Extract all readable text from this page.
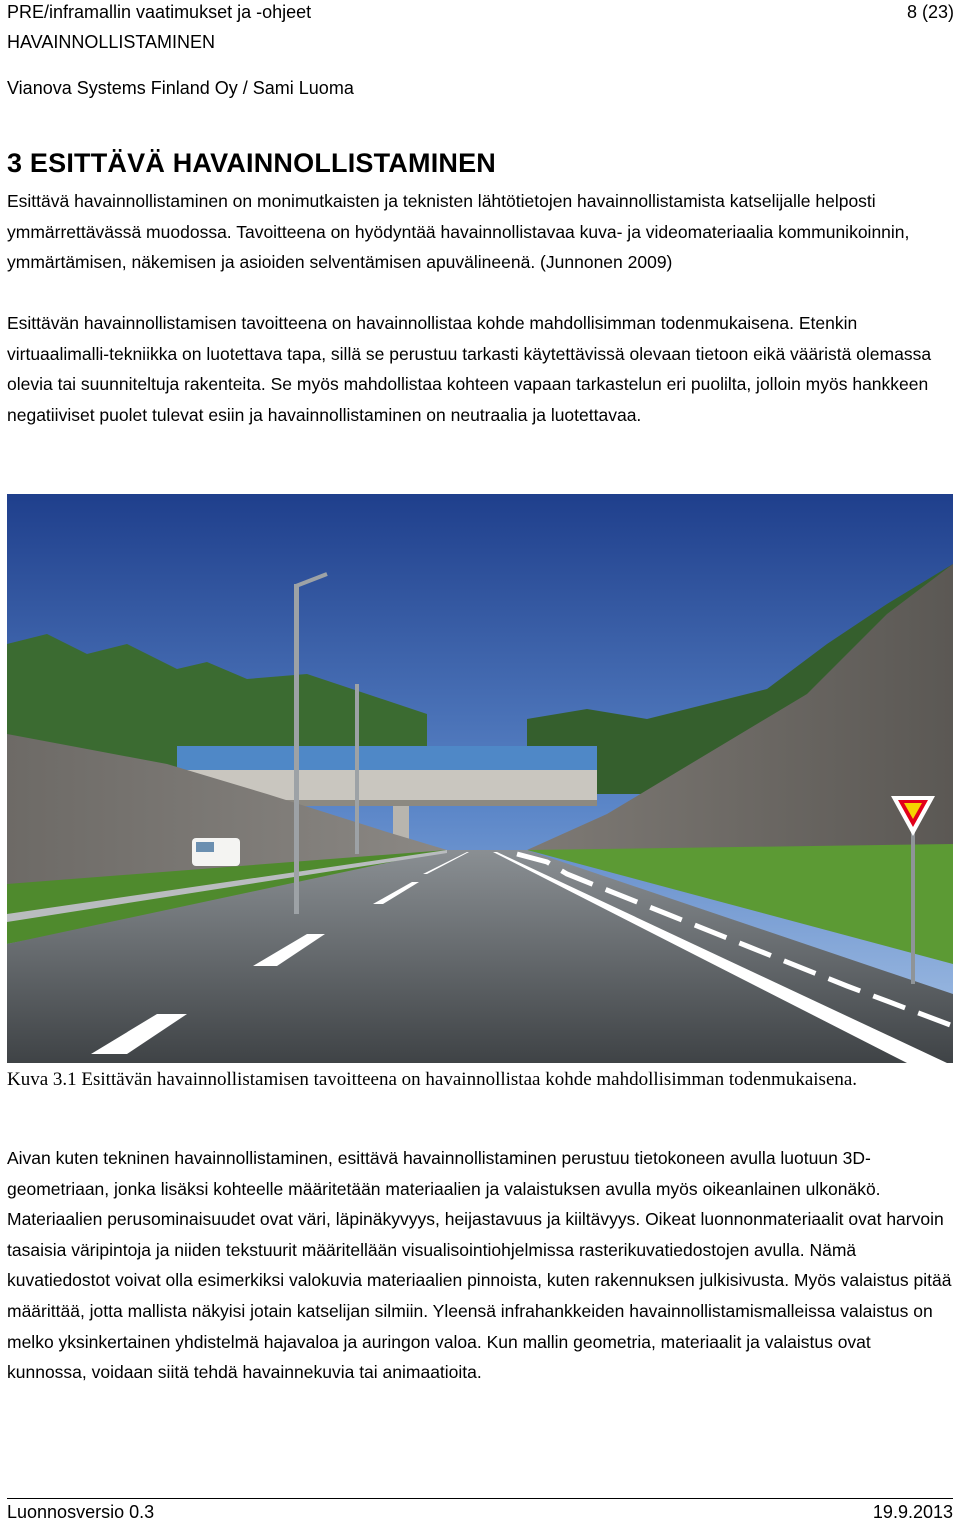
PRE/inframallin vaatimukset ja -ohjeet	8 (23)
HAVAINNOLLISTAMINEN
Vianova Systems Finland Oy / Sami Luoma
3 ESITTÄVÄ HAVAINNOLLISTAMINEN
Esittävä havainnollistaminen on monimutkaisten ja teknisten lähtötietojen havainnollistamista katselijalle helposti ymmärrettävässä muodossa. Tavoitteena on hyödyntää havainnollistavaa kuva- ja videomateriaalia kommunikoinnin, ymmärtämisen, näkemisen ja asioiden selventämisen apuvälineenä. (Junnonen 2009)
Esittävän havainnollistamisen tavoitteena on havainnollistaa kohde mahdollisimman todenmukaisena. Etenkin virtuaalimalli-tekniikka on luotettava tapa, sillä se perustuu tarkasti käytettävissä olevaan tietoon eikä vääristä olemassa olevia tai suunniteltuja rakenteita. Se myös mahdollistaa kohteen vapaan tarkastelun eri puolilta, jolloin myös hankkeen negatiiviset puolet tulevat esiin ja havainnollistaminen on neutraalia ja luotettavaa.
Kuva 3.1 Esittävän havainnollistamisen tavoitteena on havainnollistaa kohde mahdollisimman todenmukaisena.
Aivan kuten tekninen havainnollistaminen, esittävä havainnollistaminen perustuu tietokoneen avulla luotuun 3D-geometriaan, jonka lisäksi kohteelle määritetään materiaalien ja valaistuksen avulla myös oikeanlainen ulkonäkö. Materiaalien perusominaisuudet ovat väri, läpinäkyvyys, heijastavuus ja kiiltävyys. Oikeat luonnonmateriaalit ovat harvoin tasaisia väripintoja ja niiden tekstuurit määritellään visualisointiohjelmissa rasterikuvatiedostojen avulla. Nämä kuvatiedostot voivat olla esimerkiksi valokuvia materiaalien pinnoista, kuten rakennuksen julkisivusta. Myös valaistus pitää määrittää, jotta mallista näkyisi jotain katselijan silmiin. Yleensä infrahankkeiden havainnollistamismalleissa valaistus on melko yksinkertainen yhdistelmä hajavaloa ja auringon valoa. Kun mallin geometria, materiaalit ja valaistus ovat kunnossa, voidaan siitä tehdä havainnekuvia tai animaatioita.
Luonnosversio 0.3	19.9.2013
